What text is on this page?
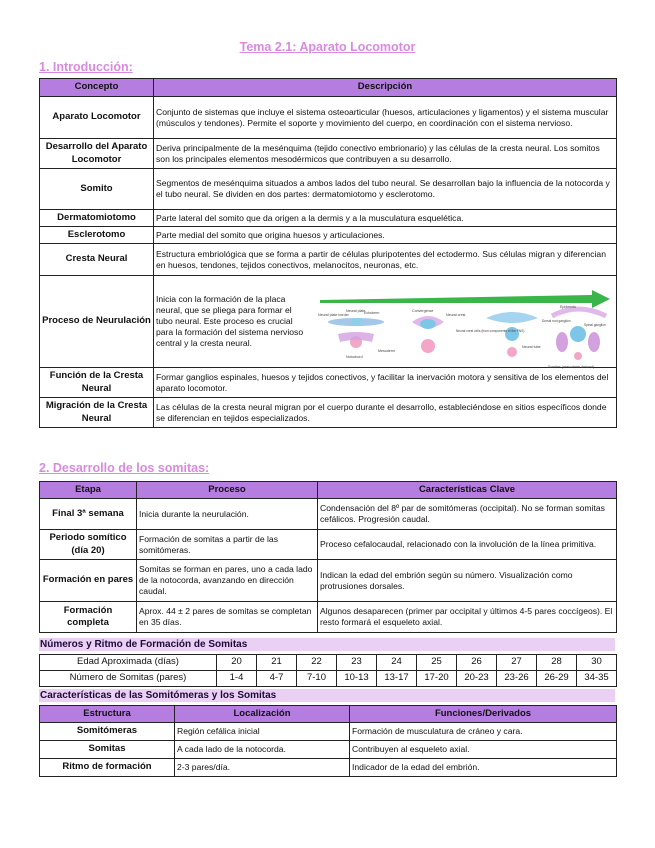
Tema 2.1: Aparato Locomotor
1. Introducción:
Concepto	Descripción
Aparato Locomotor	Conjunto de sistemas que incluye el sistema osteoarticular (huesos, articulaciones y ligamentos) y el sistema muscular (músculos y tendones). Permite el soporte y movimiento del cuerpo, en coordinación con el sistema nervioso.
Desarrollo del Aparato Locomotor	Deriva principalmente de la mesénquima (tejido conectivo embrionario) y las células de la cresta neural. Los somitos son los principales elementos mesodérmicos que contribuyen a su desarrollo.
Somito	Segmentos de mesénquima situados a ambos lados del tubo neural. Se desarrollan bajo la influencia de la notocorda y el tubo neural. Se dividen en dos partes: dermatomiotomo y esclerotomo.
Dermatomiotomo	Parte lateral del somito que da origen a la dermis y a la musculatura esquelética.
Esclerotomo	Parte medial del somito que origina huesos y articulaciones.
Cresta Neural	Estructura embriológica que se forma a partir de células pluripotentes del ectodermo. Sus células migran y diferencian en huesos, tendones, tejidos conectivos, melanocitos, neuronas, etc.
Proceso de Neurulación	Inicia con la formación de la placa neural, que se pliega para formar el tubo neural. Este proceso es crucial para la formación del sistema nervioso central y la cresta neural.

Función de la Cresta Neural	Formar ganglios espinales, huesos y tejidos conectivos, y facilitar la inervación motora y sensitiva de los elementos del aparato locomotor.
Migración de la Cresta Neural	Las células de la cresta neural migran por el cuerpo durante el desarrollo, estableciéndose en sitios específicos donde se diferencian en tejidos especializados.
Neural plate border	Ectoderm
Neural plate
Notochord
Mesoderm
Convergence
Neural crest
Neural crest cells (from components of the PNS)
Neural tube
Epidermis
Dorsal root ganglion
Spinal ganglion
Somites (mesoderm derived)
2. Desarrollo de los somitas:
Etapa	Proceso	Características Clave
Final 3ª semana	Inicia durante la neurulación.	Condensación del 8º par de somitómeras (occipital). No se forman somitas cefálicos. Progresión caudal.
Periodo somítico (día 20)	Formación de somitas a partir de las somitómeras.	Proceso cefalocaudal, relacionado con la involución de la línea primitiva.
Formación en pares	Somitas se forman en pares, uno a cada lado de la notocorda, avanzando en dirección caudal.	Indican la edad del embrión según su número. Visualización como protrusiones dorsales.
Formación completa	Aprox. 44 ± 2 pares de somitas se completan en 35 días.	Algunos desaparecen (primer par occipital y últimos 4-5 pares coccígeos). El resto formará el esqueleto axial.
Números y Ritmo de Formación de Somitas
Edad Aproximada (días)	20	21	22	23	24	25	26	27	28	30
Número de Somitas (pares)	1-4	4-7	7-10	10-13	13-17	17-20	20-23	23-26	26-29	34-35
Características de las Somitómeras y los Somitas
Estructura	Localización	Funciones/Derivados
Somitómeras	Región cefálica inicial	Formación de musculatura de cráneo y cara.
Somitas	A cada lado de la notocorda.	Contribuyen al esqueleto axial.
Ritmo de formación	2-3 pares/día.	Indicador de la edad del embrión.
